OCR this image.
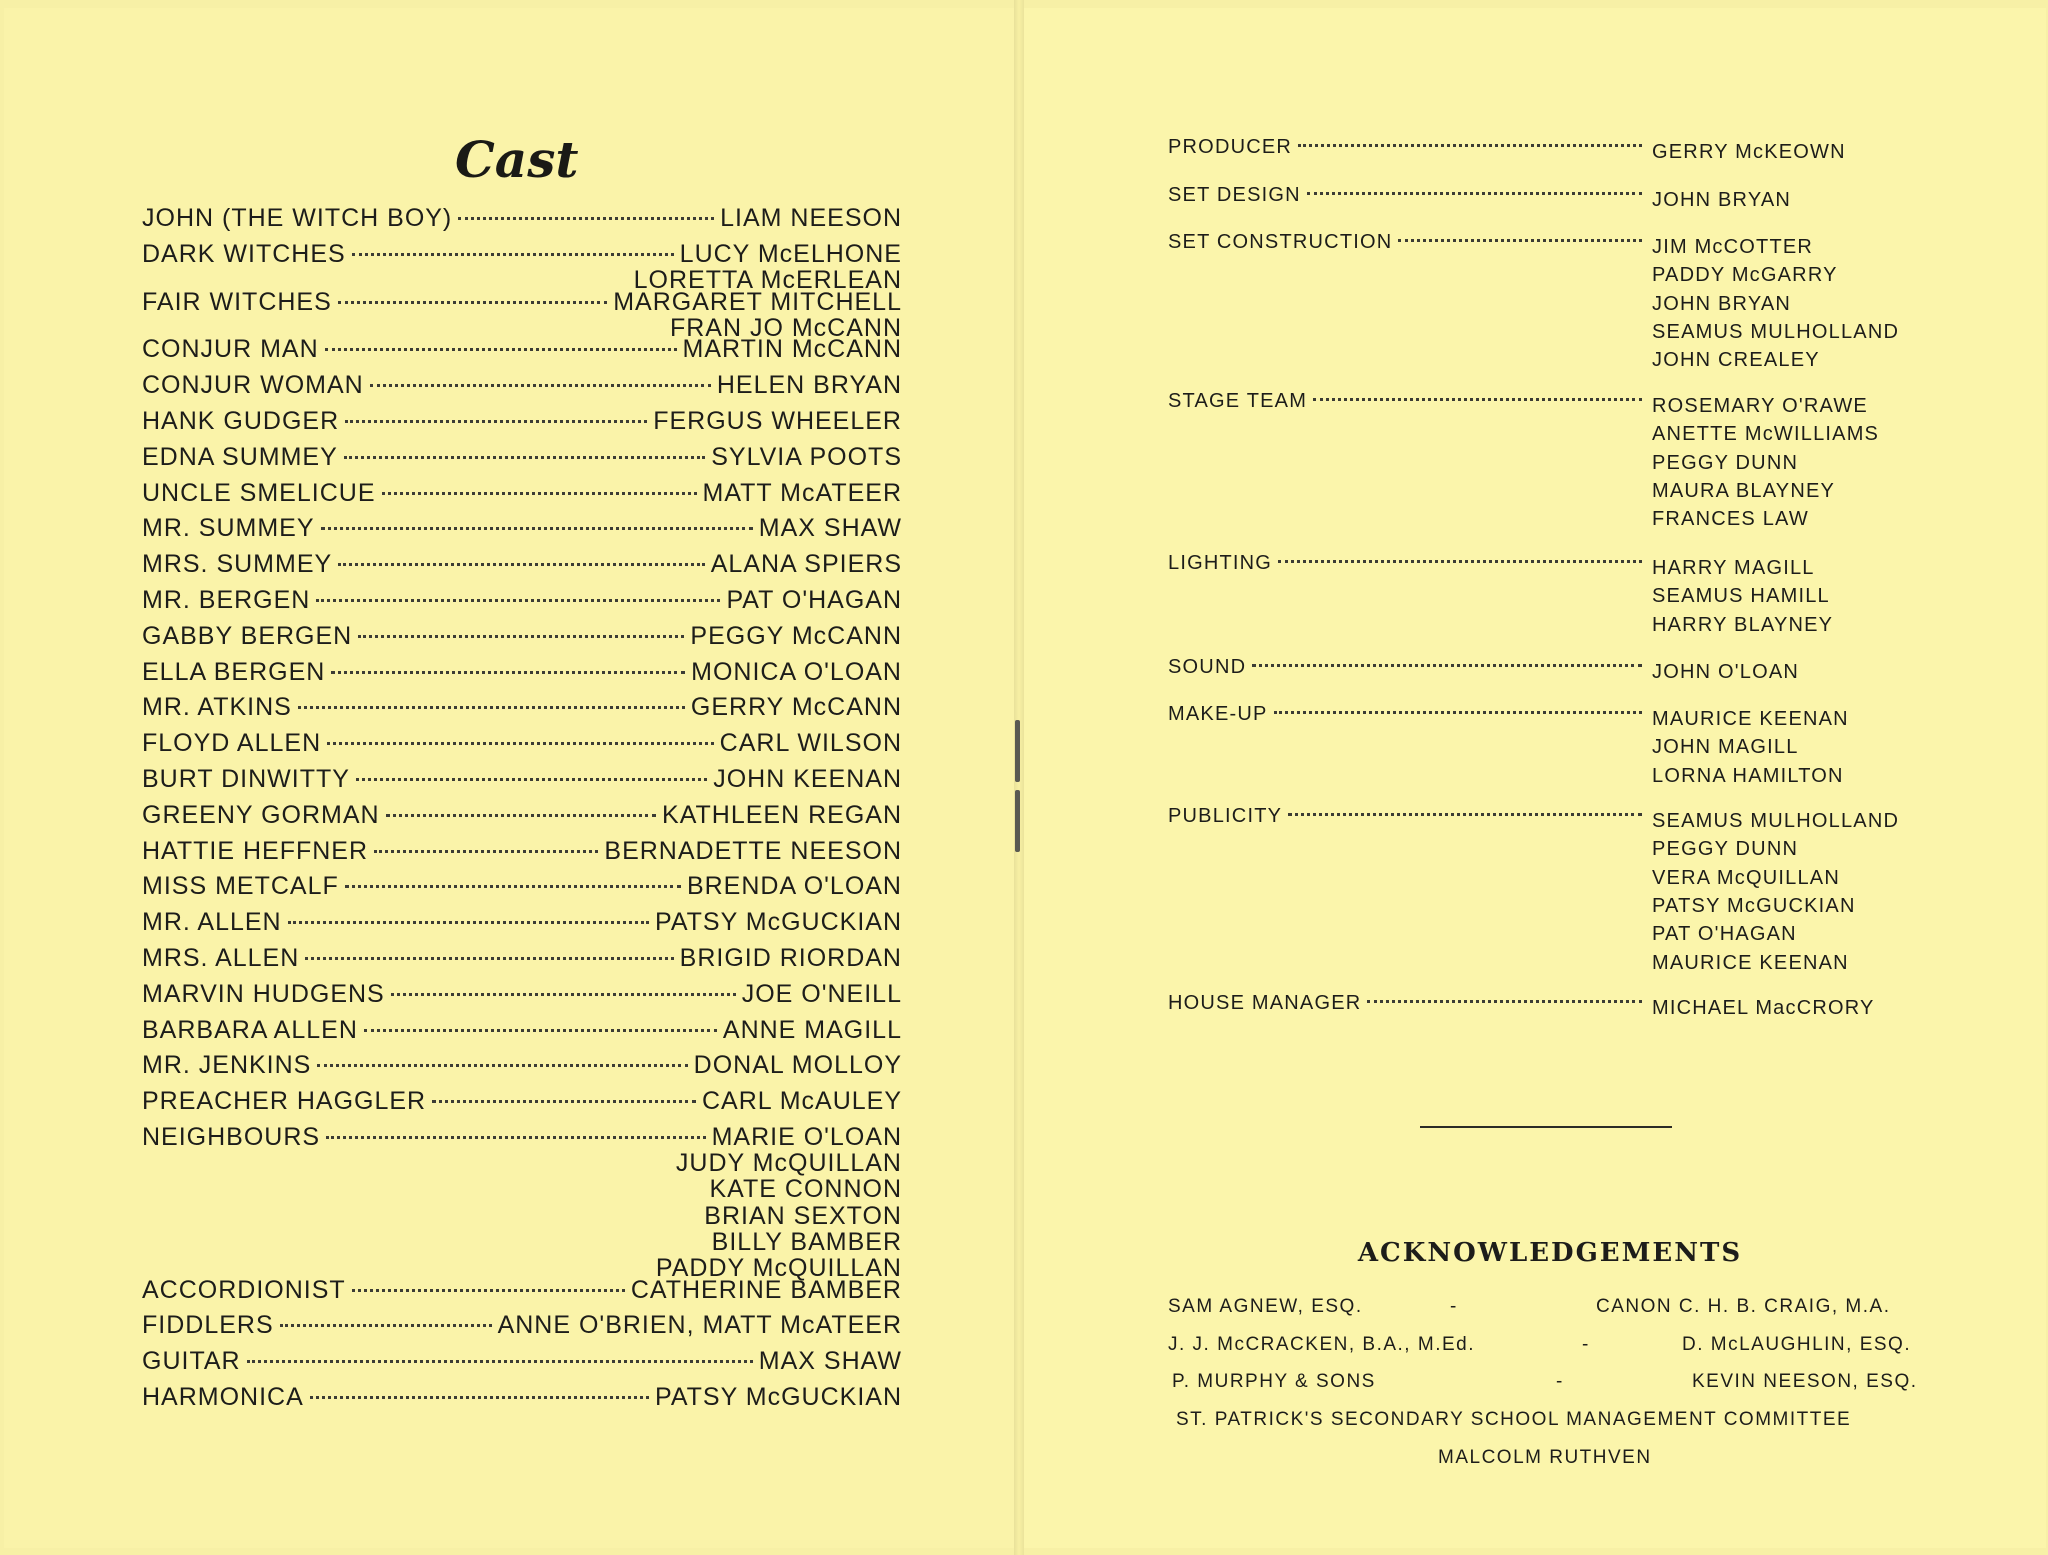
Cast
JOHN (THE WITCH BOY)	LIAM NEESON
DARK WITCHES	LUCY McELHONE
LORETTA McERLEAN
FAIR WITCHES	MARGARET MITCHELL
FRAN JO McCANN
CONJUR MAN	MARTIN McCANN
CONJUR WOMAN	HELEN BRYAN
HANK GUDGER	FERGUS WHEELER
EDNA SUMMEY	SYLVIA POOTS
UNCLE SMELICUE	MATT McATEER
MR. SUMMEY	MAX SHAW
MRS. SUMMEY	ALANA SPIERS
MR. BERGEN	PAT O'HAGAN
GABBY BERGEN	PEGGY McCANN
ELLA BERGEN	MONICA O'LOAN
MR. ATKINS	GERRY McCANN
FLOYD ALLEN	CARL WILSON
BURT DINWITTY	JOHN KEENAN
GREENY GORMAN	KATHLEEN REGAN
HATTIE HEFFNER	BERNADETTE NEESON
MISS METCALF	BRENDA O'LOAN
MR. ALLEN	PATSY McGUCKIAN
MRS. ALLEN	BRIGID RIORDAN
MARVIN HUDGENS	JOE O'NEILL
BARBARA ALLEN	ANNE MAGILL
MR. JENKINS	DONAL MOLLOY
PREACHER HAGGLER	CARL McAULEY
NEIGHBOURS	MARIE O'LOAN
JUDY McQUILLAN
KATE CONNON
BRIAN SEXTON
BILLY BAMBER
PADDY McQUILLAN
ACCORDIONIST	CATHERINE BAMBER
FIDDLERS	ANNE O'BRIEN, MATT McATEER
GUITAR	MAX SHAW
HARMONICA	PATSY McGUCKIAN
PRODUCER	GERRY McKEOWN
SET DESIGN	JOHN BRYAN
SET CONSTRUCTION	JIM McCOTTER
PADDY McGARRY
JOHN BRYAN
SEAMUS MULHOLLAND
JOHN CREALEY
STAGE TEAM	ROSEMARY O'RAWE
ANETTE McWILLIAMS
PEGGY DUNN
MAURA BLAYNEY
FRANCES LAW
LIGHTING	HARRY MAGILL
SEAMUS HAMILL
HARRY BLAYNEY
SOUND	JOHN O'LOAN
MAKE-UP	MAURICE KEENAN
JOHN MAGILL
LORNA HAMILTON
PUBLICITY	SEAMUS MULHOLLAND
PEGGY DUNN
VERA McQUILLAN
PATSY McGUCKIAN
PAT O'HAGAN
MAURICE KEENAN
HOUSE MANAGER	MICHAEL MacCRORY
ACKNOWLEDGEMENTS
SAM AGNEW, ESQ.	-	CANON C. H. B. CRAIG, M.A.
J. J. McCRACKEN, B.A., M.Ed.	-	D. McLAUGHLIN, ESQ.
P. MURPHY & SONS	-	KEVIN NEESON, ESQ.
ST. PATRICK'S SECONDARY SCHOOL MANAGEMENT COMMITTEE
MALCOLM RUTHVEN
